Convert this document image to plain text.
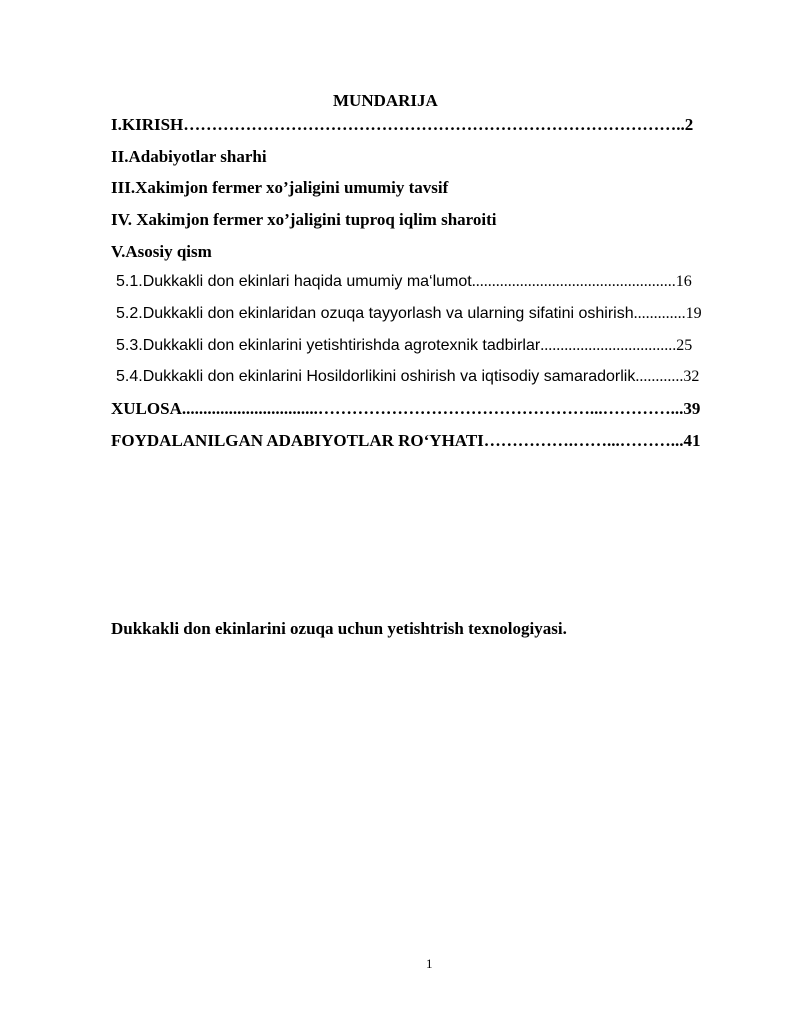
MUNDARIJA
I.KIRISH……………………………………………………………………………..2
II.Adabiyotlar sharhi
III.Xakimjon fermer xo’jaligini umumiy tavsif
IV. Xakimjon fermer xo’jaligini tuproq iqlim sharoiti
V.Asosiy qism
5.1.Dukkakli don ekinlari haqida umumiy ma‘lumot...................................................16
5.2.Dukkakli don ekinlaridan ozuqa tayyorlash va ularning sifatini oshirish.............19
5.3.Dukkakli don ekinlarini yetishtirishda agrotexnik tadbirlar..................................25
5.4.Dukkakli don ekinlarini Hosildorlikini oshirish va iqtisodiy samaradorlik............32
XULOSA................................…………………………………………...…………...39
FOYDALANILGAN ADABIYOTLAR RO‘YHATI…………….……...………...41
Dukkakli don ekinlarini ozuqa uchun yetishtrish texnologiyasi.
1
